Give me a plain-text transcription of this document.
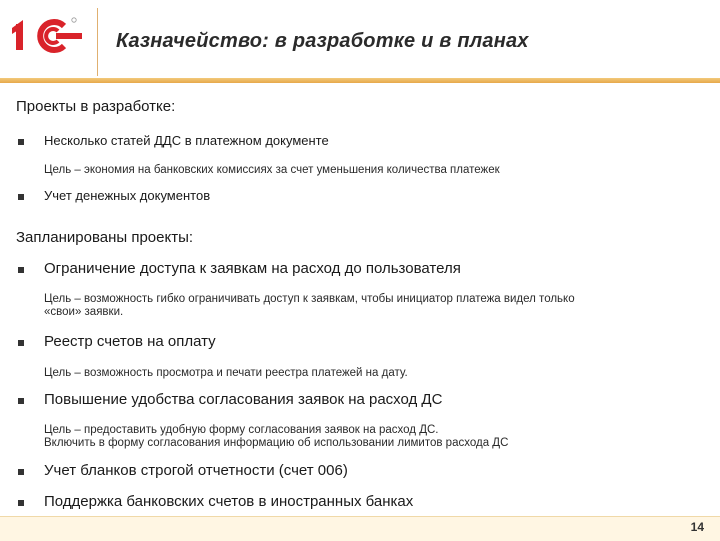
1С
Казначейство: в разработке и в планах
Проекты в разработке:
Несколько статей ДДС в платежном документе
Цель – экономия на банковских комиссиях за счет уменьшения количества платежек
Учет денежных документов
Запланированы проекты:
Ограничение доступа к заявкам на расход до пользователя
Цель – возможность гибко ограничивать доступ к заявкам, чтобы инициатор платежа видел только
«свои» заявки.
Реестр счетов на оплату
Цель – возможность просмотра и печати реестра платежей на дату.
Повышение удобства согласования заявок на расход ДС
Цель – предоставить удобную форму согласования заявок на расход ДС.
Включить в форму согласования информацию об использовании лимитов расхода ДС
Учет бланков строгой отчетности (счет 006)
Поддержка банковских счетов в иностранных банках
14
